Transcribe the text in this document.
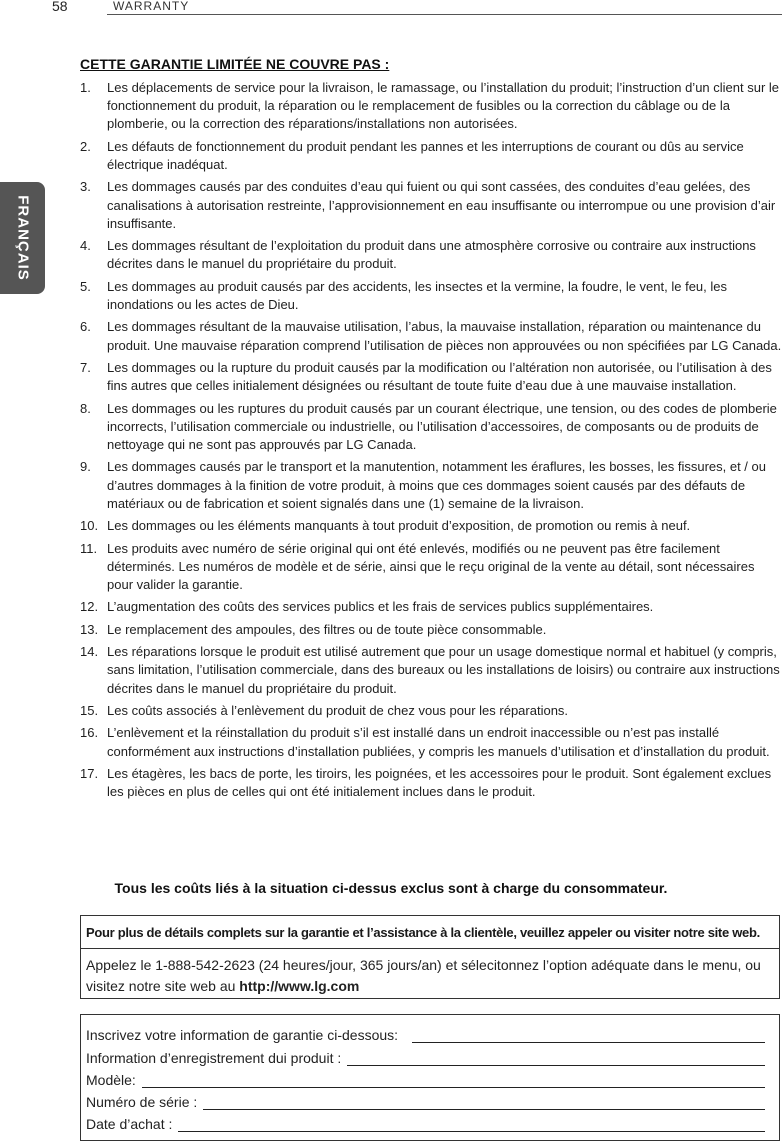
58	WARRANTY
FRANÇAIS
CETTE GARANTIE LIMITÉE NE COUVRE PAS :
1. Les déplacements de service pour la livraison, le ramassage, ou l’installation du produit; l’instruction d’un client sur le fonctionnement du produit, la réparation ou le remplacement de fusibles ou la correction du câblage ou de la plomberie, ou la correction des réparations/installations non autorisées.
2. Les défauts de fonctionnement du produit pendant les pannes et les interruptions de courant ou dûs au service électrique inadéquat.
3. Les dommages causés par des conduites d’eau qui fuient ou qui sont cassées, des conduites d’eau gelées, des canalisations à autorisation restreinte, l’approvisionnement en eau insuffisante ou interrompue ou une provision d’air insuffisante.
4. Les dommages résultant de l’exploitation du produit dans une atmosphère corrosive ou contraire aux instructions décrites dans le manuel du propriétaire du produit.
5. Les dommages au produit causés par des accidents, les insectes et la vermine, la foudre, le vent, le feu, les inondations ou les actes de Dieu.
6. Les dommages résultant de la mauvaise utilisation, l’abus, la mauvaise installation, réparation ou maintenance du produit. Une mauvaise réparation comprend l’utilisation de pièces non approuvées ou non spécifiées par LG Canada.
7. Les dommages ou la rupture du produit causés par la modification ou l’altération non autorisée, ou l’utilisation à des fins autres que celles initialement désignées ou résultant de toute fuite d’eau due à une mauvaise installation.
8. Les dommages ou les ruptures du produit causés par un courant électrique, une tension, ou des codes de plomberie incorrects, l’utilisation commerciale ou industrielle, ou l’utilisation d’accessoires, de composants ou de produits de nettoyage qui ne sont pas approuvés par LG Canada.
9. Les dommages causés par le transport et la manutention, notamment les éraflures, les bosses, les fissures, et / ou d’autres dommages à la finition de votre produit, à moins que ces dommages soient causés par des défauts de matériaux ou de fabrication et soient signalés dans une (1) semaine de la livraison.
10. Les dommages ou les éléments manquants à tout produit d’exposition, de promotion ou remis à neuf.
11. Les produits avec numéro de série original qui ont été enlevés, modifiés ou ne peuvent pas être facilement déterminés. Les numéros de modèle et de série, ainsi que le reçu original de la vente au détail, sont nécessaires pour valider la garantie.
12. L’augmentation des coûts des services publics et les frais de services publics supplémentaires.
13. Le remplacement des ampoules, des filtres ou de toute pièce consommable.
14. Les réparations lorsque le produit est utilisé autrement que pour un usage domestique normal et habituel (y compris, sans limitation, l’utilisation commerciale, dans des bureaux ou les installations de loisirs) ou contraire aux instructions décrites dans le manuel du propriétaire du produit.
15. Les coûts associés à l’enlèvement du produit de chez vous pour les réparations.
16. L’enlèvement et la réinstallation du produit s’il est installé dans un endroit inaccessible ou n’est pas installé conformément aux instructions d’installation publiées, y compris les manuels d’utilisation et d’installation du produit.
17. Les étagères, les bacs de porte, les tiroirs, les poignées, et les accessoires pour le produit. Sont également exclues les pièces en plus de celles qui ont été initialement inclues dans le produit.
Tous les coûts liés à la situation ci-dessus exclus sont à charge du consommateur.
Pour plus de détails complets sur la garantie et l’assistance à la clientèle, veuillez appeler ou visiter notre site web.
Appelez le 1-888-542-2623 (24 heures/jour, 365 jours/an) et sélecitonnez l’option adéquate dans le menu, ou visitez notre site web au http://www.lg.com
Inscrivez votre information de garantie ci-dessous:
Information d’enregistrement dui produit :
Modèle:
Numéro de série :
Date d’achat :
